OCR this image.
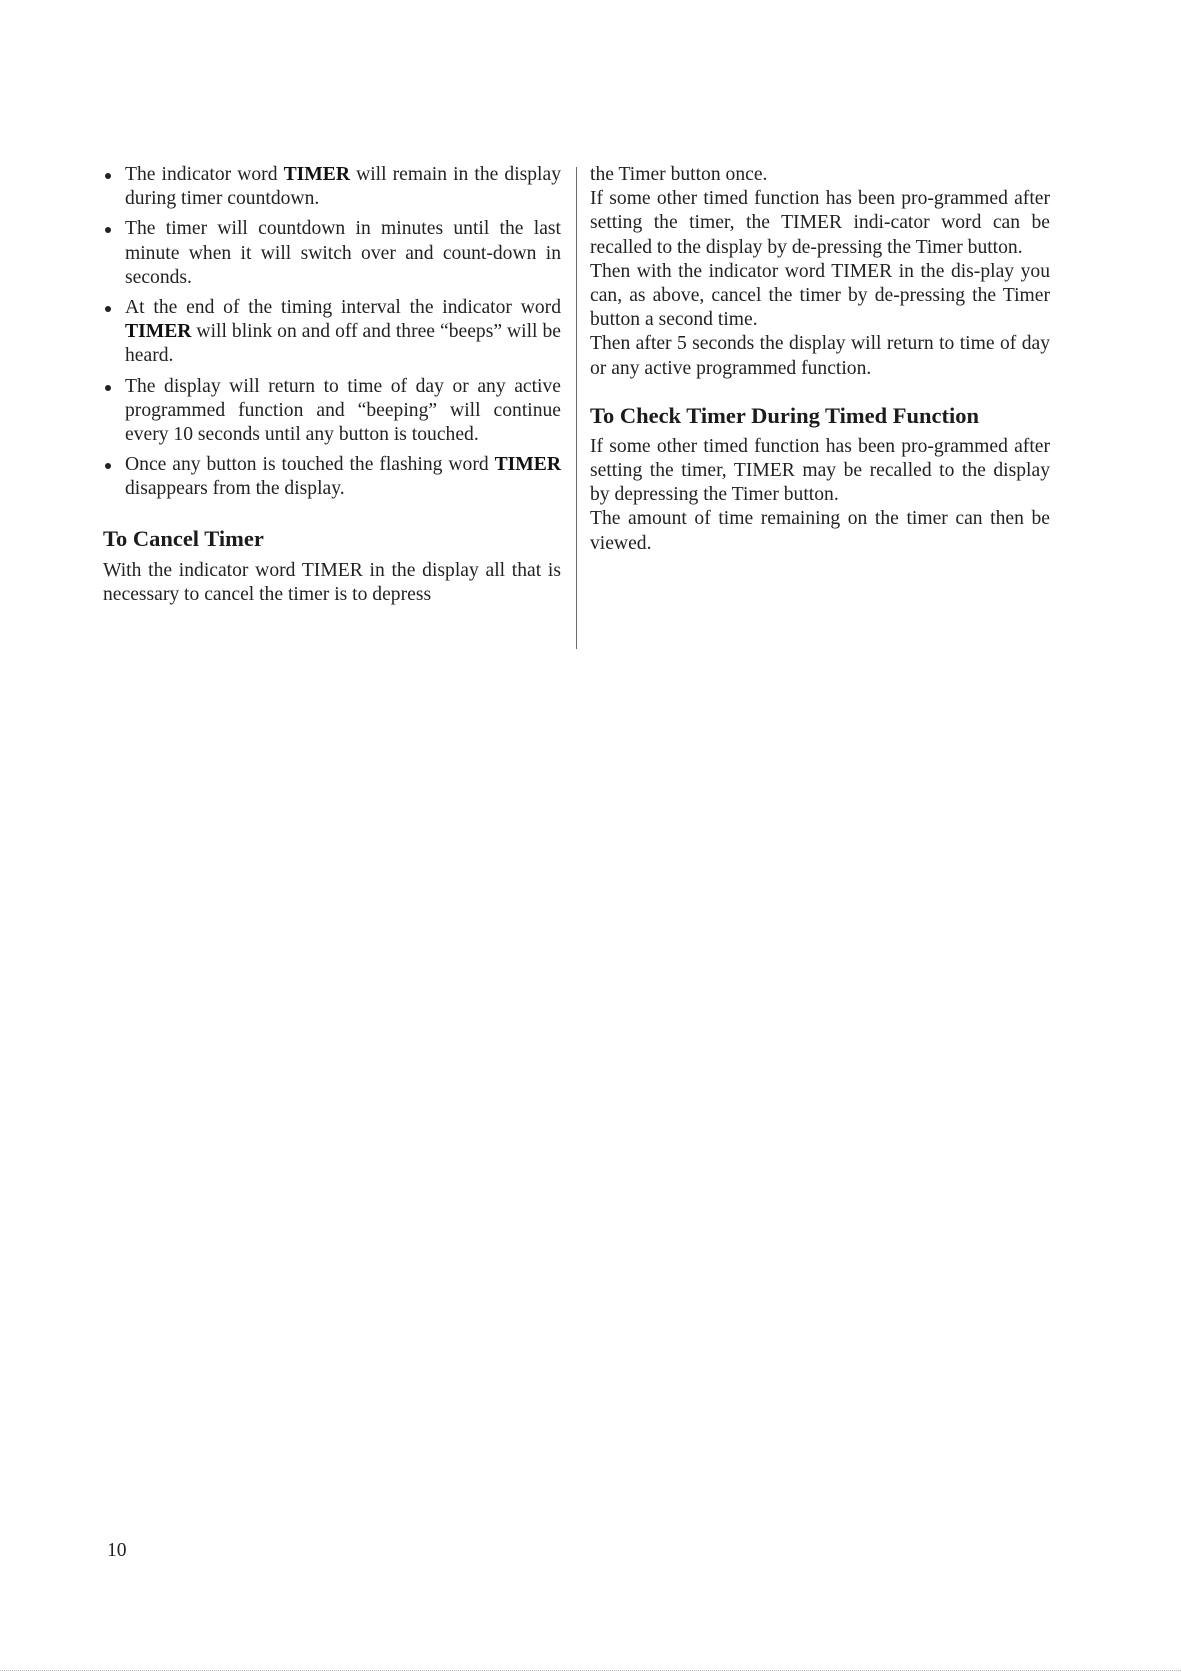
The indicator word TIMER will remain in the display during timer countdown.
The timer will countdown in minutes until the last minute when it will switch over and count-down in seconds.
At the end of the timing interval the indicator word TIMER will blink on and off and three “beeps” will be heard.
The display will return to time of day or any active programmed function and “beeping” will continue every 10 seconds until any button is touched.
Once any button is touched the flashing word TIMER disappears from the display.
To Cancel Timer

With the indicator word TIMER in the display all that is necessary to cancel the timer is to depress

the Timer button once.

If some other timed function has been pro-grammed after setting the timer, the TIMER indi-cator word can be recalled to the display by de-pressing the Timer button.

Then with the indicator word TIMER in the dis-play you can, as above, cancel the timer by de-pressing the Timer button a second time.

Then after 5 seconds the display will return to time of day or any active programmed function.

To Check Timer During Timed Function

If some other timed function has been pro-grammed after setting the timer, TIMER may be recalled to the display by depressing the Timer button.

The amount of time remaining on the timer can then be viewed.

10
